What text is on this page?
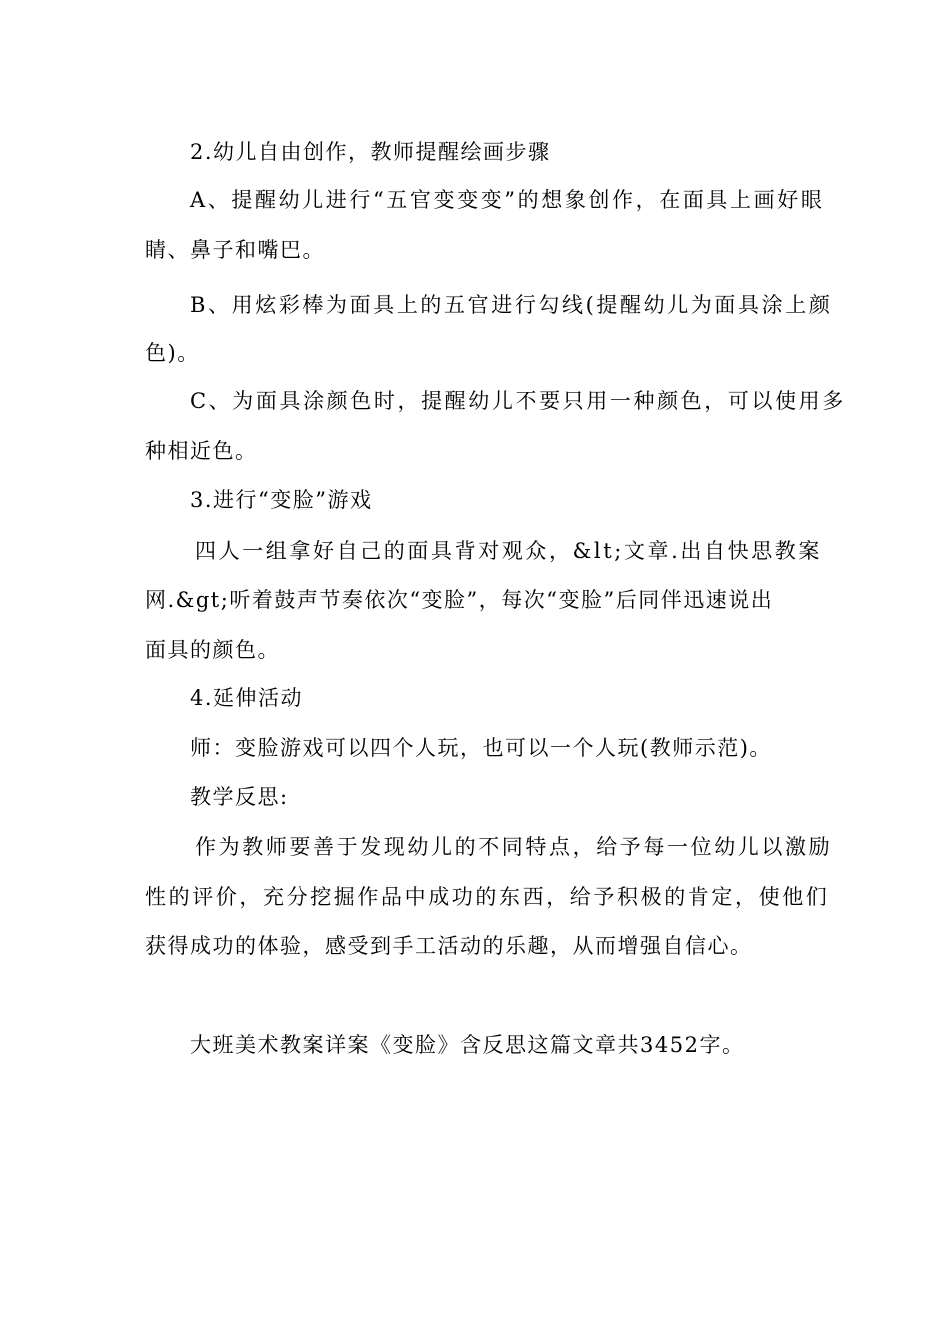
2.幼儿自由创作，教师提醒绘画步骤
A、提醒幼儿进行“五官变变变”的想象创作，在面具上画好眼
睛、鼻子和嘴巴。
B、用炫彩棒为面具上的五官进行勾线(提醒幼儿为面具涂上颜
色)。
C、为面具涂颜色时，提醒幼儿不要只用一种颜色，可以使用多
种相近色。
3.进行“变脸”游戏
四人一组拿好自己的面具背对观众，&lt;文章.出自快思教案
网.&gt;听着鼓声节奏依次“变脸”，每次“变脸”后同伴迅速说出
面具的颜色。
4.延伸活动
师：变脸游戏可以四个人玩，也可以一个人玩(教师示范)。
教学反思:
作为教师要善于发现幼儿的不同特点，给予每一位幼儿以激励
性的评价，充分挖掘作品中成功的东西，给予积极的肯定，使他们
获得成功的体验，感受到手工活动的乐趣，从而增强自信心。
大班美术教案详案《变脸》含反思这篇文章共3452字。
